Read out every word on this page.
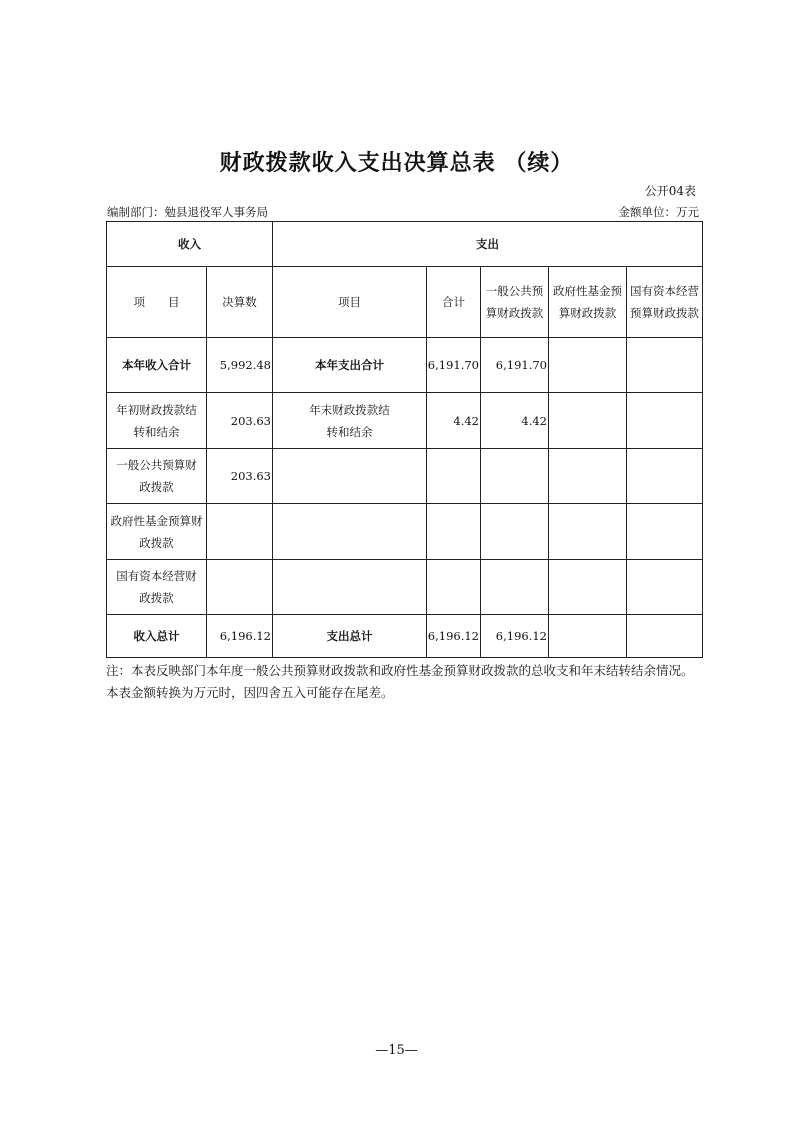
财政拨款收入支出决算总表 （续）
公开04表
编制部门：勉县退役军人事务局	金额单位：万元
收入		支出				
项　　目	决算数	项目	合计	一般公共预算财政拨款	政府性基金预算财政拨款	国有资本经营预算财政拨款
本年收入合计	5,992.48	本年支出合计	6,191.70	6,191.70		

年初财政拨款结转和结余	203.63	年末财政拨款结转和结余	4.42	4.42		

一般公共预算财政拨款	203.63					

政府性基金预算财政拨款						

国有资本经营财政拨款						

收入总计	6,196.12	支出总计	6,196.12	6,196.12		
注：本表反映部门本年度一般公共预算财政拨款和政府性基金预算财政拨款的总收支和年末结转结余情况。本表金额转换为万元时，因四舍五入可能存在尾差。
—15—
